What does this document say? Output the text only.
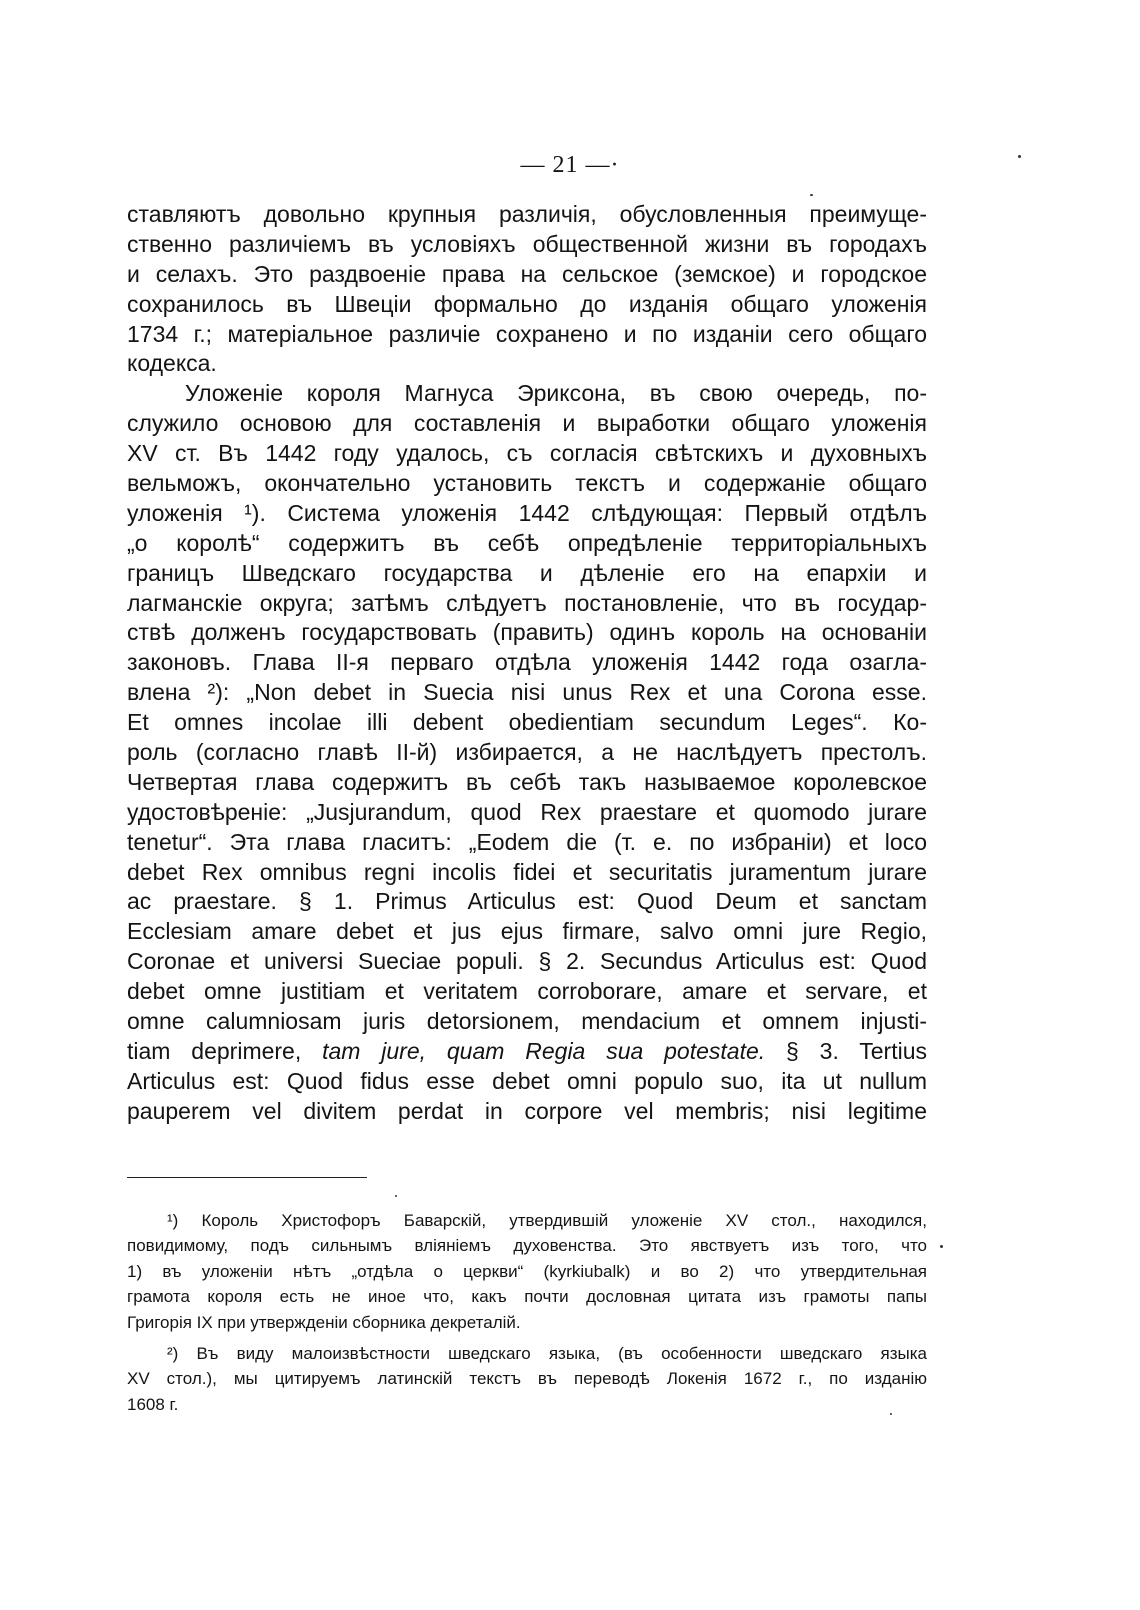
— 21 —·
ставляютъ довольно крупныя различія, обусловленныя преимуще-
ственно различіемъ въ условіяхъ общественной жизни въ городахъ
и селахъ. Это раздвоеніе права на сельское (земское) и городское
сохранилось въ Швеціи формально до изданія общаго уложенія
1734 г.; матеріальное различіе сохранено и по изданіи сего общаго
кодекса.
Уложеніе короля Магнуса Эриксона, въ свою очередь, по-
служило основою для составленія и выработки общаго уложенія
XV ст. Въ 1442 году удалось, съ согласія свѣтскихъ и духовныхъ
вельможъ, окончательно установить текстъ и содержаніе общаго
уложенія ¹). Система уложенія 1442 слѣдующая: Первый отдѣлъ
„о королѣ“ содержитъ въ себѣ опредѣленіе территоріальныхъ
границъ Шведскаго государства и дѣленіе его на епархіи и
лагманскіе округа; затѣмъ слѣдуетъ постановленіе, что въ государ-
ствѣ долженъ государствовать (править) одинъ король на основаніи
законовъ. Глава II-я перваго отдѣла уложенія 1442 года озагла-
влена ²): „Non debet in Suecia nisi unus Rex et una Corona esse.
Et omnes incolae illi debent obedientiam secundum Leges“. Ко-
роль (согласно главѣ II-й) избирается, а не наслѣдуетъ престолъ.
Четвертая глава содержитъ въ себѣ такъ называемое королевское
удостовѣреніе: „Jusjurandum, quod Rex praestare et quomodo jurare
tenetur“. Эта глава гласитъ: „Eodem die (т. е. по избраніи) et loco
debet Rex omnibus regni incolis fidei et securitatis juramentum jurare
ac praestare. § 1. Primus Articulus est: Quod Deum et sanctam
Ecclesiam amare debet et jus ejus firmare, salvo omni jure Regio,
Coronae et universi Sueciae populi. § 2. Secundus Articulus est: Quod
debet omne justitiam et veritatem corroborare, amare et servare, et
omne calumniosam juris detorsionem, mendacium et omnem injusti-
tiam deprimere, tam jure, quam Regia sua potestate. § 3. Tertius
Articulus est: Quod fidus esse debet omni populo suo, ita ut nullum
pauperem vel divitem perdat in corpore vel membris; nisi legitime
¹) Король Христофоръ Баварскій, утвердившій уложеніе XV стол., находился,
повидимому, подъ сильнымъ вліяніемъ духовенства. Это явствуетъ изъ того, что
1) въ уложеніи нѣтъ „отдѣла о церкви“ (kyrkiubalk) и во 2) что утвердительная
грамота короля есть не иное что, какъ почти дословная цитата изъ грамоты папы
Григорія IX при утвержденіи сборника декреталій.
²) Въ виду малоизвѣстности шведскаго языка, (въ особенности шведскаго языка
XV стол.), мы цитируемъ латинскій текстъ въ переводѣ Локенія 1672 г., по изданію
1608 г.
